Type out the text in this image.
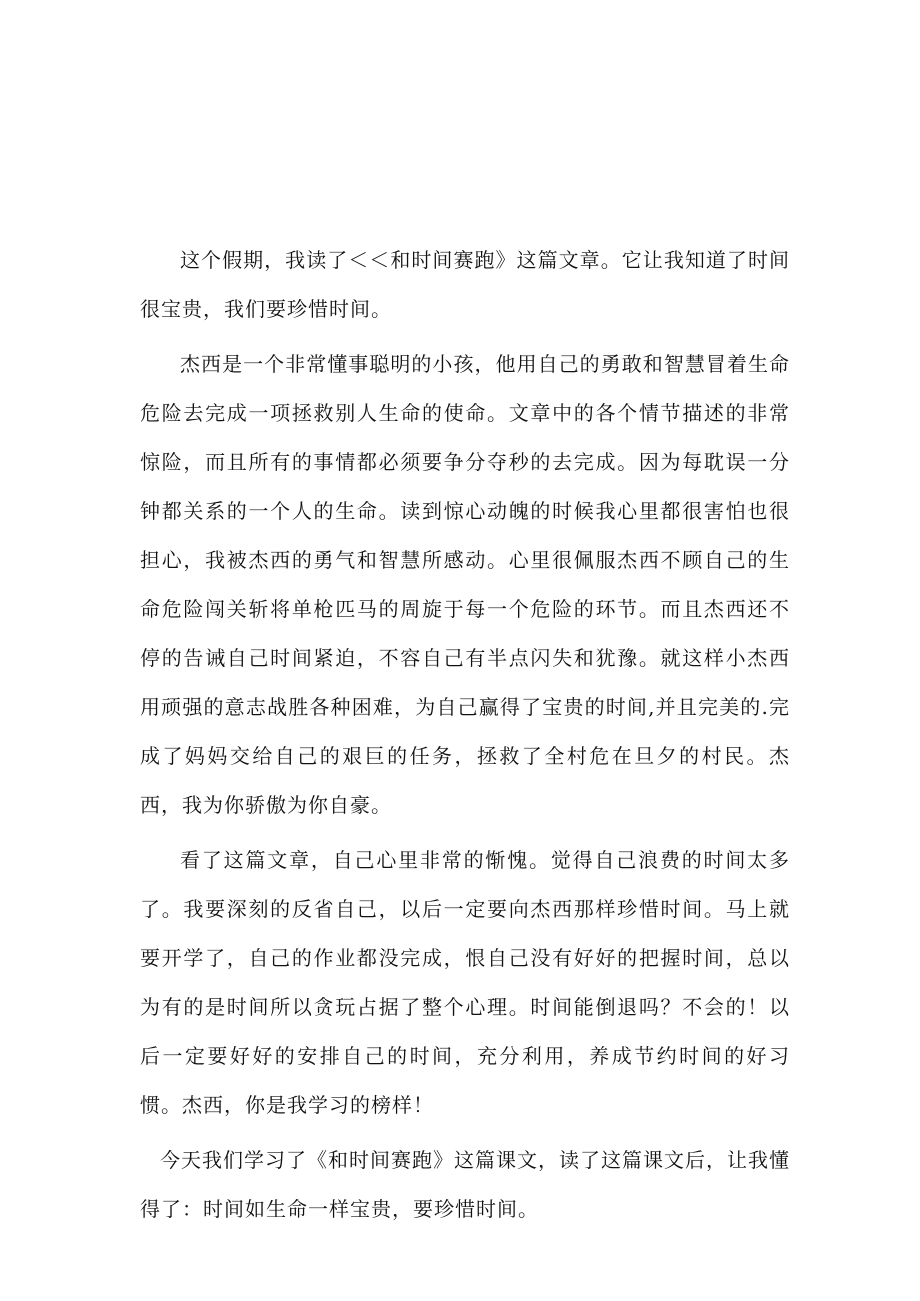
这个假期，我读了＜＜和时间赛跑》这篇文章。它让我知道了时间很宝贵，我们要珍惜时间。

杰西是一个非常懂事聪明的小孩，他用自己的勇敢和智慧冒着生命危险去完成一项拯救别人生命的使命。文章中的各个情节描述的非常惊险，而且所有的事情都必须要争分夺秒的去完成。因为每耽误一分钟都关系的一个人的生命。读到惊心动魄的时候我心里都很害怕也很担心，我被杰西的勇气和智慧所感动。心里很佩服杰西不顾自己的生命危险闯关斩将单枪匹马的周旋于每一个危险的环节。而且杰西还不停的告诫自己时间紧迫，不容自己有半点闪失和犹豫。就这样小杰西用顽强的意志战胜各种困难，为自己赢得了宝贵的时间,并且完美的.完成了妈妈交给自己的艰巨的任务，拯救了全村危在旦夕的村民。杰西，我为你骄傲为你自豪。

看了这篇文章，自己心里非常的惭愧。觉得自己浪费的时间太多了。我要深刻的反省自己，以后一定要向杰西那样珍惜时间。马上就要开学了，自己的作业都没完成，恨自己没有好好的把握时间，总以为有的是时间所以贪玩占据了整个心理。时间能倒退吗？不会的！以后一定要好好的安排自己的时间，充分利用，养成节约时间的好习惯。杰西，你是我学习的榜样！

今天我们学习了《和时间赛跑》这篇课文，读了这篇课文后，让我懂得了：时间如生命一样宝贵，要珍惜时间。
